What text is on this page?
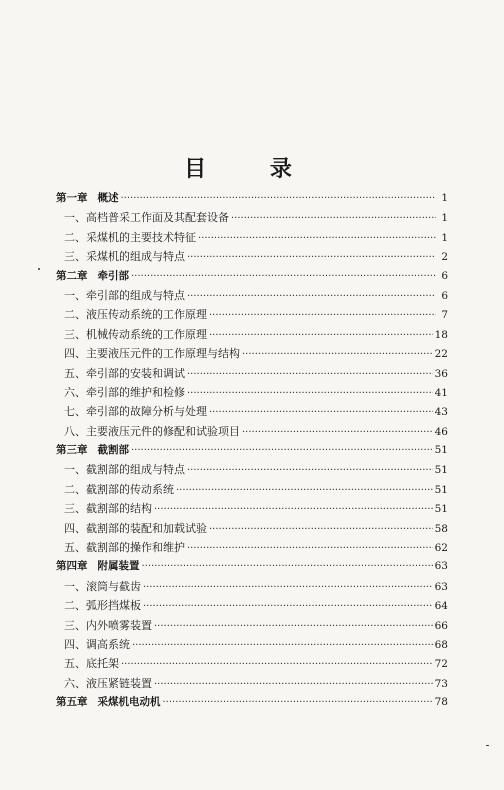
目 录
第一章 概述 ·····	1
一、高档普采工作面及其配套设备 ·····	1
二、采煤机的主要技术特征 ·····	1
三、采煤机的组成与特点 ·····	2
第二章 牵引部 ·····	6
一、牵引部的组成与特点 ·····	6
二、液压传动系统的工作原理 ·····	7
三、机械传动系统的工作原理 ·····	18
四、主要液压元件的工作原理与结构 ·····	22
五、牵引部的安装和调试 ·····	36
六、牵引部的维护和检修 ·····	41
七、牵引部的故障分析与处理 ·····	43
八、主要液压元件的修配和试验项目 ·····	46
第三章 截割部 ·····	51
一、截割部的组成与特点 ·····	51
二、截割部的传动系统 ·····	51
三、截割部的结构 ·····	51
四、截割部的装配和加载试验 ·····	58
五、截割部的操作和维护 ·····	62
第四章 附属装置 ·····	63
一、滚筒与截齿 ·····	63
二、弧形挡煤板 ·····	64
三、内外喷雾装置 ·····	66
四、调高系统 ·····	68
五、底托架 ·····	72
六、液压紧链装置 ·····	73
第五章 采煤机电动机 ·····	78
